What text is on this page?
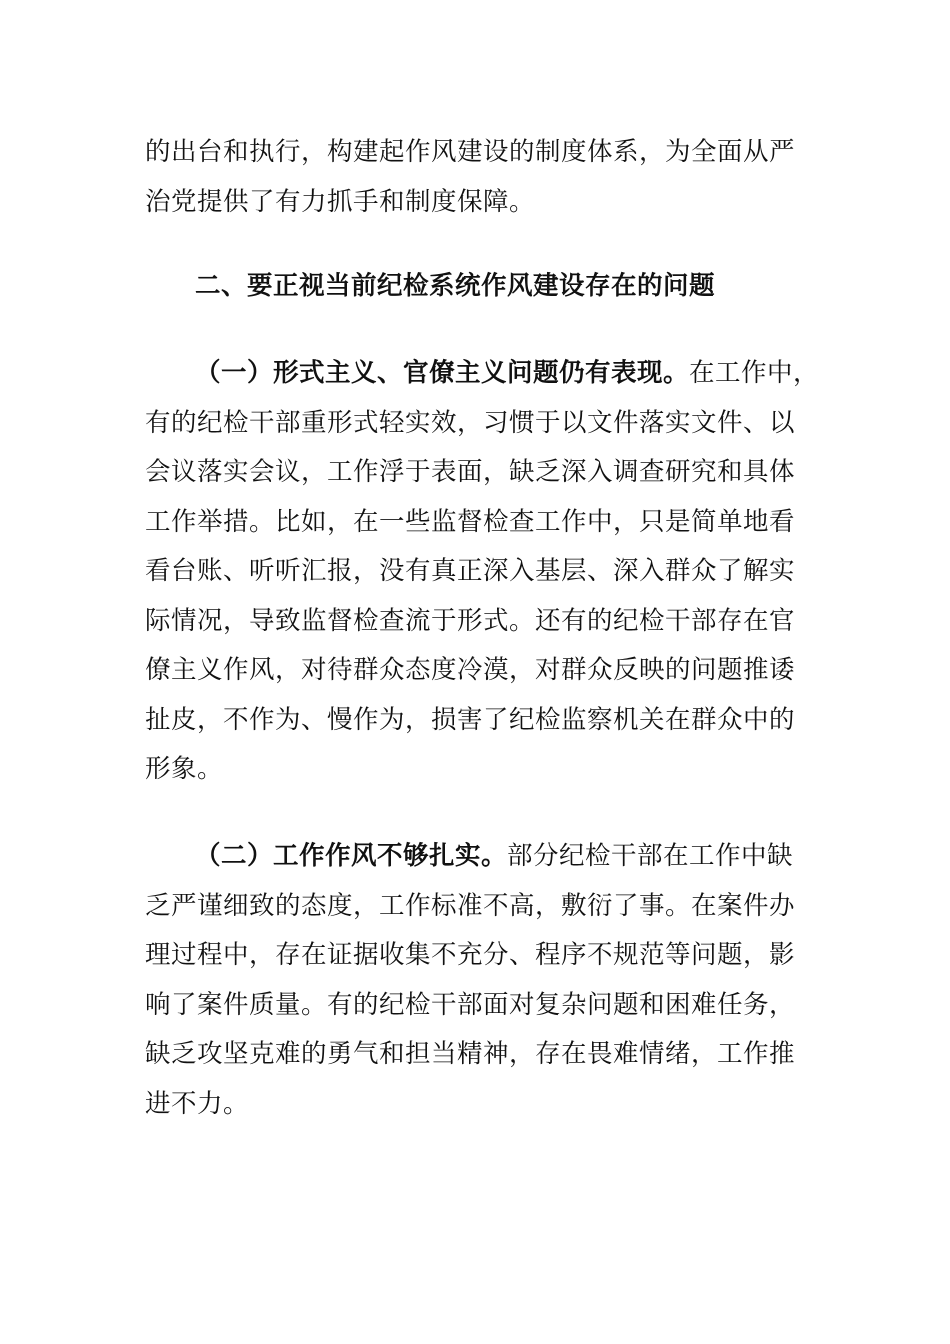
的出台和执行，构建起作风建设的制度体系，为全面从严
治党提供了有力抓手和制度保障。
二、要正视当前纪检系统作风建设存在的问题
（一）形式主义、官僚主义问题仍有表现。在工作中，
有的纪检干部重形式轻实效，习惯于以文件落实文件、以
会议落实会议，工作浮于表面，缺乏深入调查研究和具体
工作举措。比如，在一些监督检查工作中，只是简单地看
看台账、听听汇报，没有真正深入基层、深入群众了解实
际情况，导致监督检查流于形式。还有的纪检干部存在官
僚主义作风，对待群众态度冷漠，对群众反映的问题推诿
扯皮，不作为、慢作为，损害了纪检监察机关在群众中的
形象。
（二）工作作风不够扎实。部分纪检干部在工作中缺
乏严谨细致的态度，工作标准不高，敷衍了事。在案件办
理过程中，存在证据收集不充分、程序不规范等问题，影
响了案件质量。有的纪检干部面对复杂问题和困难任务，
缺乏攻坚克难的勇气和担当精神，存在畏难情绪，工作推
进不力。
